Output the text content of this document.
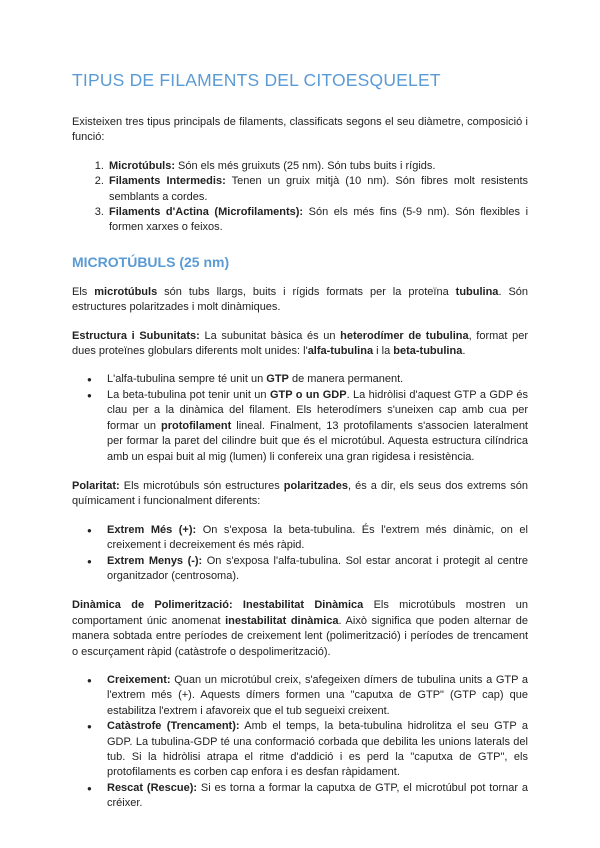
TIPUS DE FILAMENTS DEL CITOESQUELET

Existeixen tres tipus principals de filaments, classificats segons el seu diàmetre, composició i funció:

1. Microtúbuls: Són els més gruixuts (25 nm). Són tubs buits i rígids.
2. Filaments Intermedis: Tenen un gruix mitjà (10 nm). Són fibres molt resistents semblants a cordes.
3. Filaments d'Actina (Microfilaments): Són els més fins (5-9 nm). Són flexibles i formen xarxes o feixos.
MICROTÚBULS (25 nm)

Els microtúbuls són tubs llargs, buits i rígids formats per la proteïna tubulina. Són estructures polaritzades i molt dinàmiques.

Estructura i Subunitats: La subunitat bàsica és un heterodímer de tubulina, format per dues proteïnes globulars diferents molt unides: l'alfa-tubulina i la beta-tubulina.

● L'alfa-tubulina sempre té unit un GTP de manera permanent.
● La beta-tubulina pot tenir unit un GTP o un GDP. La hidròlisi d'aquest GTP a GDP és clau per a la dinàmica del filament. Els heterodímers s'uneixen cap amb cua per formar un protofilament lineal. Finalment, 13 protofilaments s'associen lateralment per formar la paret del cilindre buit que és el microtúbul. Aquesta estructura cilíndrica amb un espai buit al mig (lumen) li confereix una gran rigidesa i resistència.

Polaritat: Els microtúbuls són estructures polaritzades, és a dir, els seus dos extrems són químicament i funcionalment diferents:

● Extrem Més (+): On s'exposa la beta-tubulina. És l'extrem més dinàmic, on el creixement i decreixement és més ràpid.
● Extrem Menys (-): On s'exposa l'alfa-tubulina. Sol estar ancorat i protegit al centre organitzador (centrosoma).

Dinàmica de Polimerització: Inestabilitat Dinàmica Els microtúbuls mostren un comportament únic anomenat inestabilitat dinàmica. Això significa que poden alternar de manera sobtada entre períodes de creixement lent (polimerització) i períodes de trencament o escurçament ràpid (catàstrofe o despolimerització).

● Creixement: Quan un microtúbul creix, s'afegeixen dímers de tubulina units a GTP a l'extrem més (+). Aquests dímers formen una "caputxa de GTP" (GTP cap) que estabilitza l'extrem i afavoreix que el tub segueixi creixent.
● Catàstrofe (Trencament): Amb el temps, la beta-tubulina hidrolitza el seu GTP a GDP. La tubulina-GDP té una conformació corbada que debilita les unions laterals del tub. Si la hidròlisi atrapa el ritme d'addició i es perd la "caputxa de GTP", els protofilaments es corben cap enfora i es desfan ràpidament.
● Rescat (Rescue): Si es torna a formar la caputxa de GTP, el microtúbul pot tornar a créixer.
